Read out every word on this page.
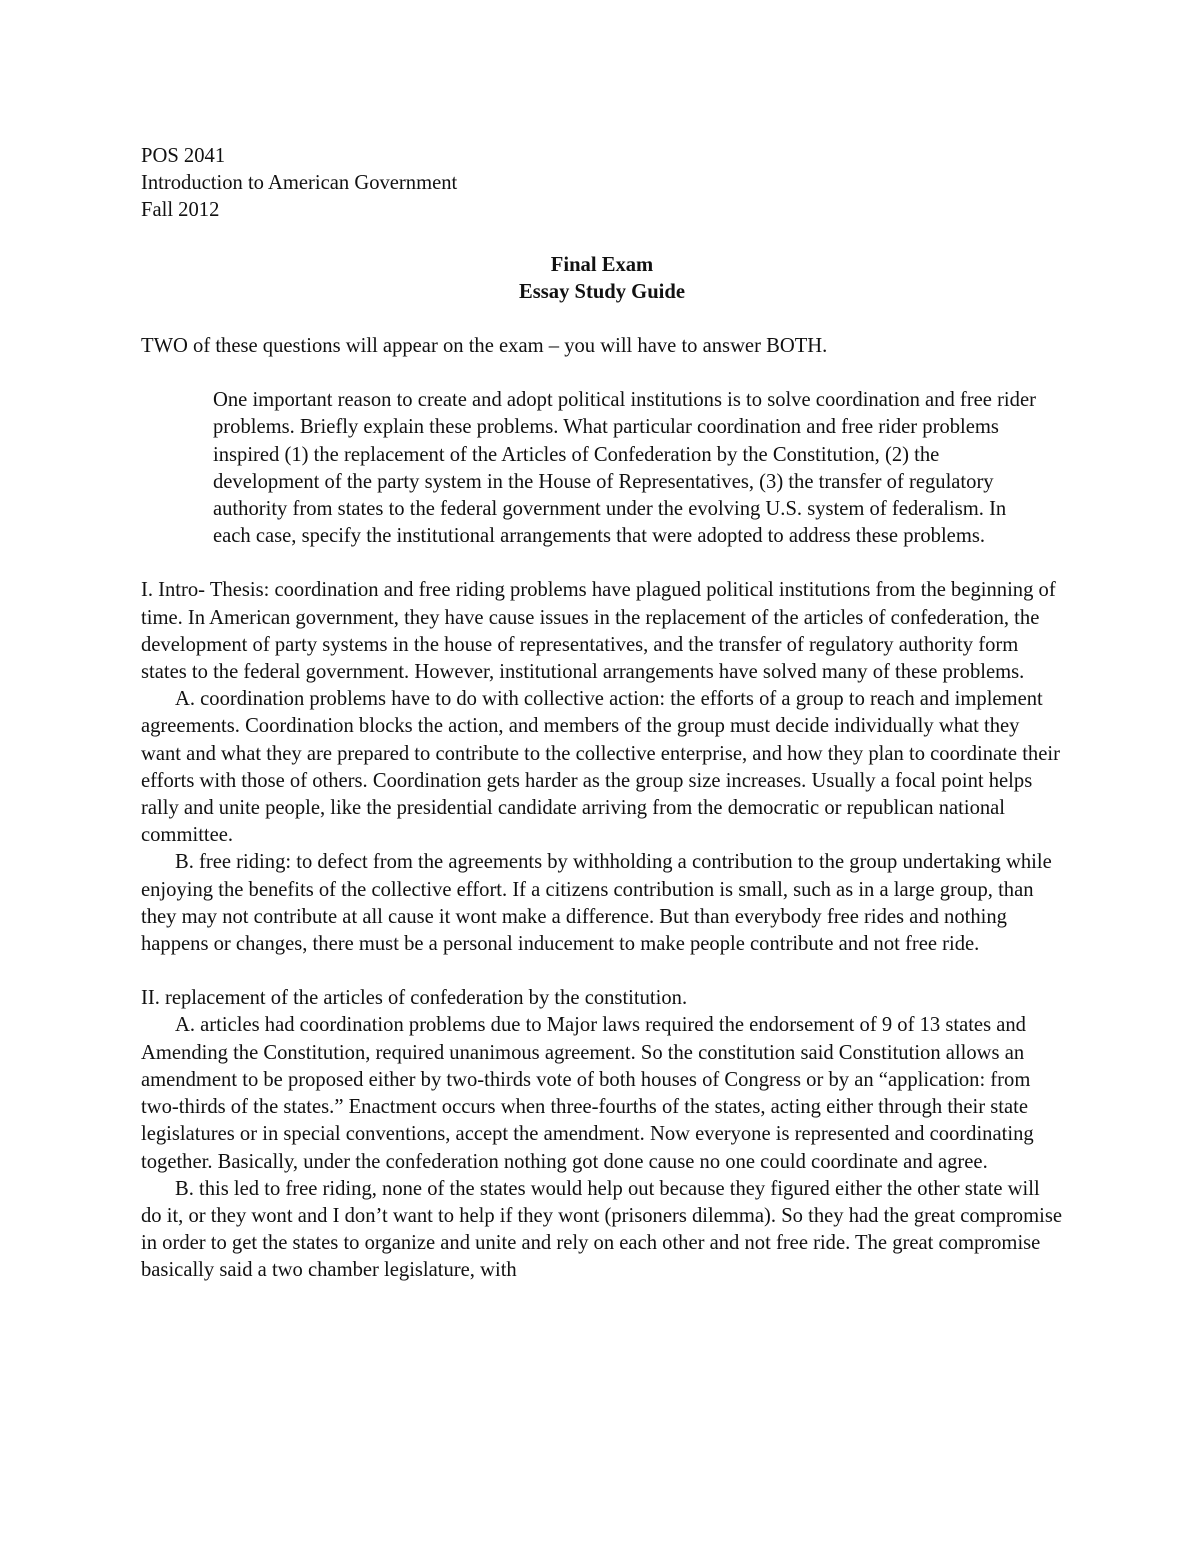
POS 2041
Introduction to American Government
Fall 2012
Final Exam
Essay Study Guide

TWO of these questions will appear on the exam – you will have to answer BOTH.

One important reason to create and adopt political institutions is to solve coordination and free rider problems. Briefly explain these problems. What particular coordination and free rider problems inspired (1) the replacement of the Articles of Confederation by the Constitution, (2) the development of the party system in the House of Representatives, (3) the transfer of regulatory authority from states to the federal government under the evolving U.S. system of federalism. In each case, specify the institutional arrangements that were adopted to address these problems.

I. Intro- Thesis: coordination and free riding problems have plagued political institutions from the beginning of time. In American government, they have cause issues in the replacement of the articles of confederation, the development of party systems in the house of representatives, and the transfer of regulatory authority form states to the federal government. However, institutional arrangements have solved many of these problems.

A. coordination problems have to do with collective action: the efforts of a group to reach and implement agreements. Coordination blocks the action, and members of the group must decide individually what they want and what they are prepared to contribute to the collective enterprise, and how they plan to coordinate their efforts with those of others. Coordination gets harder as the group size increases. Usually a focal point helps rally and unite people, like the presidential candidate arriving from the democratic or republican national committee.

B. free riding: to defect from the agreements by withholding a contribution to the group undertaking while enjoying the benefits of the collective effort. If a citizens contribution is small, such as in a large group, than they may not contribute at all cause it wont make a difference. But than everybody free rides and nothing happens or changes, there must be a personal inducement to make people contribute and not free ride.

II. replacement of the articles of confederation by the constitution.

A. articles had coordination problems due to Major laws required the endorsement of 9 of 13 states and Amending the Constitution, required unanimous agreement. So the constitution said Constitution allows an amendment to be proposed either by two-thirds vote of both houses of Congress or by an “application: from two-thirds of the states.” Enactment occurs when three-fourths of the states, acting either through their state legislatures or in special conventions, accept the amendment. Now everyone is represented and coordinating together. Basically, under the confederation nothing got done cause no one could coordinate and agree.

B. this led to free riding, none of the states would help out because they figured either the other state will do it, or they wont and I don’t want to help if they wont (prisoners dilemma). So they had the great compromise in order to get the states to organize and unite and rely on each other and not free ride. The great compromise basically said a two chamber legislature, with
